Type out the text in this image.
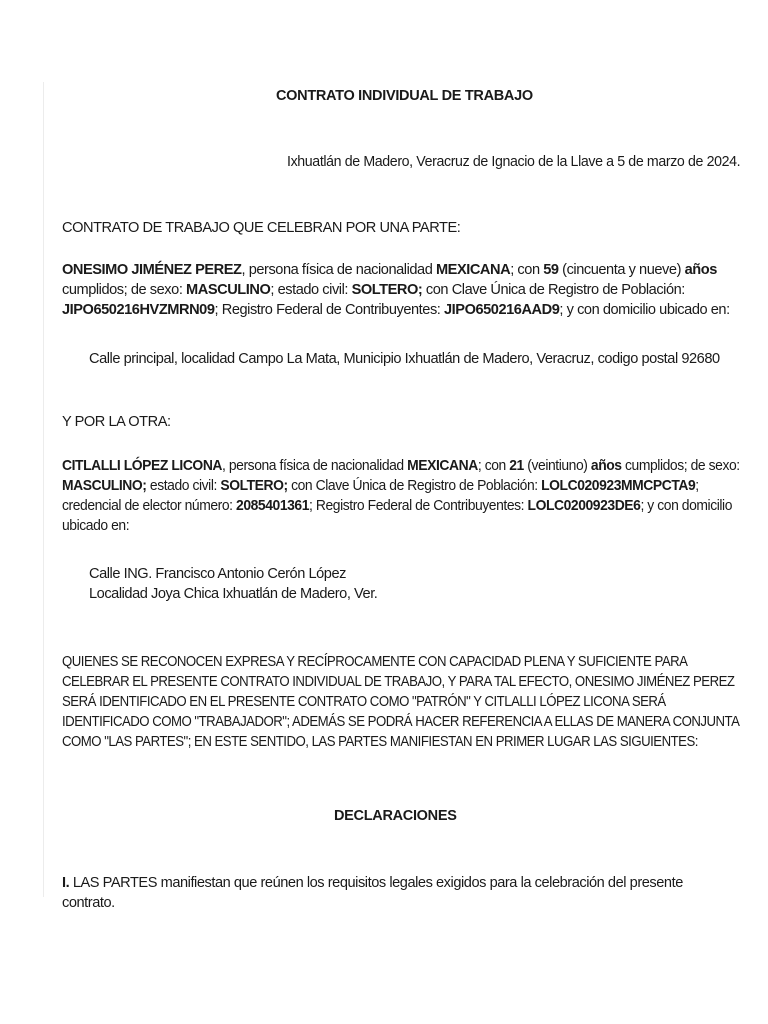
CONTRATO INDIVIDUAL DE TRABAJO
Ixhuatlán de Madero, Veracruz de Ignacio de la Llave a 5 de marzo de 2024.
CONTRATO DE TRABAJO QUE CELEBRAN POR UNA PARTE:
ONESIMO JIMÉNEZ PEREZ, persona física de nacionalidad MEXICANA; con 59 (cincuenta y nueve) años
cumplidos; de sexo: MASCULINO; estado civil: SOLTERO; con Clave Única de Registro de Población:
JIPO650216HVZMRN09; Registro Federal de Contribuyentes: JIPO650216AAD9; y con domicilio ubicado en:
Calle principal, localidad Campo La Mata, Municipio Ixhuatlán de Madero, Veracruz, codigo postal 92680
Y POR LA OTRA:
CITLALLI LÓPEZ LICONA, persona física de nacionalidad MEXICANA; con 21 (veintiuno) años cumplidos; de sexo:
MASCULINO; estado civil: SOLTERO; con Clave Única de Registro de Población: LOLC020923MMCPCTA9;
credencial de elector número: 2085401361; Registro Federal de Contribuyentes: LOLC0200923DE6; y con domicilio
ubicado en:
Calle ING. Francisco Antonio Cerón López
Localidad Joya Chica Ixhuatlán de Madero, Ver.
QUIENES SE RECONOCEN EXPRESA Y RECÍPROCAMENTE CON CAPACIDAD PLENA Y SUFICIENTE PARA
CELEBRAR EL PRESENTE CONTRATO INDIVIDUAL DE TRABAJO, Y PARA TAL EFECTO, ONESIMO JIMÉNEZ PEREZ
SERÁ IDENTIFICADO EN EL PRESENTE CONTRATO COMO "PATRÓN" Y CITLALLI LÓPEZ LICONA SERÁ
IDENTIFICADO COMO "TRABAJADOR"; ADEMÁS SE PODRÁ HACER REFERENCIA A ELLAS DE MANERA CONJUNTA
COMO "LAS PARTES"; EN ESTE SENTIDO, LAS PARTES MANIFIESTAN EN PRIMER LUGAR LAS SIGUIENTES:
DECLARACIONES
I. LAS PARTES manifiestan que reúnen los requisitos legales exigidos para la celebración del presente contrato.
